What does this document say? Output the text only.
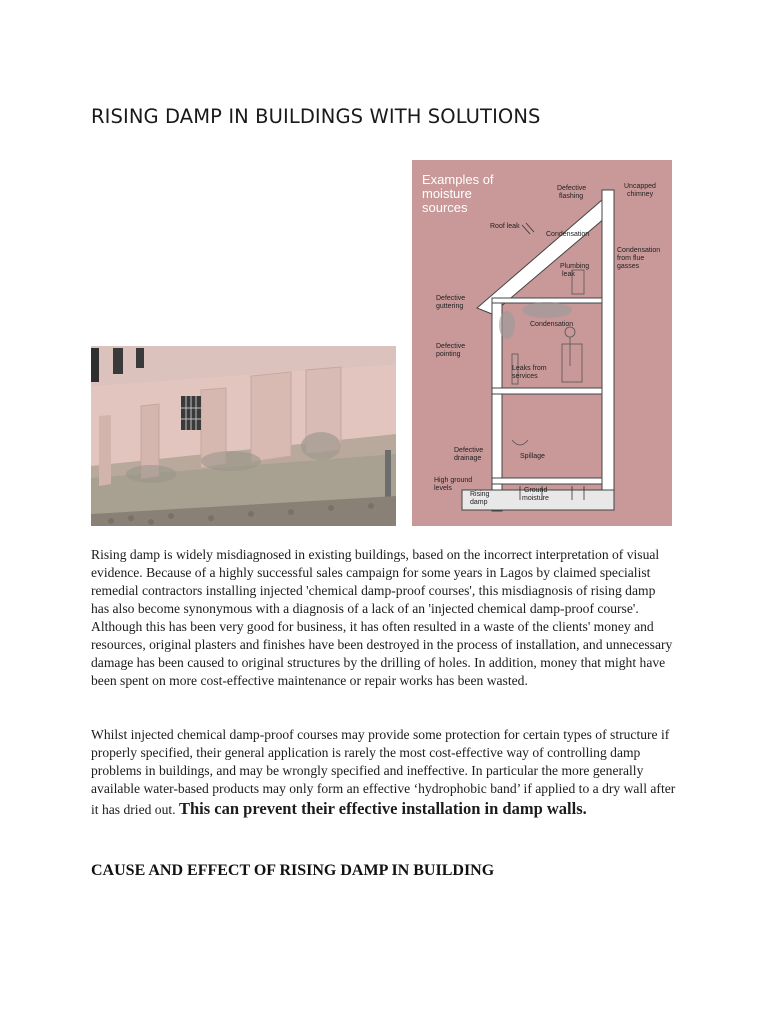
RISING DAMP IN BUILDINGS WITH SOLUTIONS
Examples of
moisture
sources
Defective
flashing
Uncapped
chimney
Roof leak
Condensation
Condensation
from flue
gasses
Plumbing
leak
Defective
guttering
Condensation
Defective
pointing
Leaks from
services
Defective
drainage	Spillage
High ground
levels
Rising
damp
Ground
moisture
Rising damp is widely misdiagnosed in existing buildings, based on the incorrect interpretation of visual evidence. Because of a highly successful sales campaign for some years in Lagos by claimed specialist remedial contractors installing injected 'chemical damp-proof courses', this misdiagnosis of rising damp has also become synonymous with a diagnosis of a lack of an 'injected chemical damp-proof course'. Although this has been very good for business, it has often resulted in a waste of the clients' money and resources, original plasters and finishes have been destroyed in the process of installation, and unnecessary damage has been caused to original structures by the drilling of holes. In addition, money that might have been spent on more cost-effective maintenance or repair works has been wasted.
Whilst injected chemical damp-proof courses may provide some protection for certain types of structure if properly specified, their general application is rarely the most cost-effective way of controlling damp problems in buildings, and may be wrongly specified and ineffective. In particular the more generally available water-based products may only form an effective ‘hydrophobic band’ if applied to a dry wall after it has dried out. This can prevent their effective installation in damp walls.
CAUSE AND EFFECT OF RISING DAMP IN BUILDING
